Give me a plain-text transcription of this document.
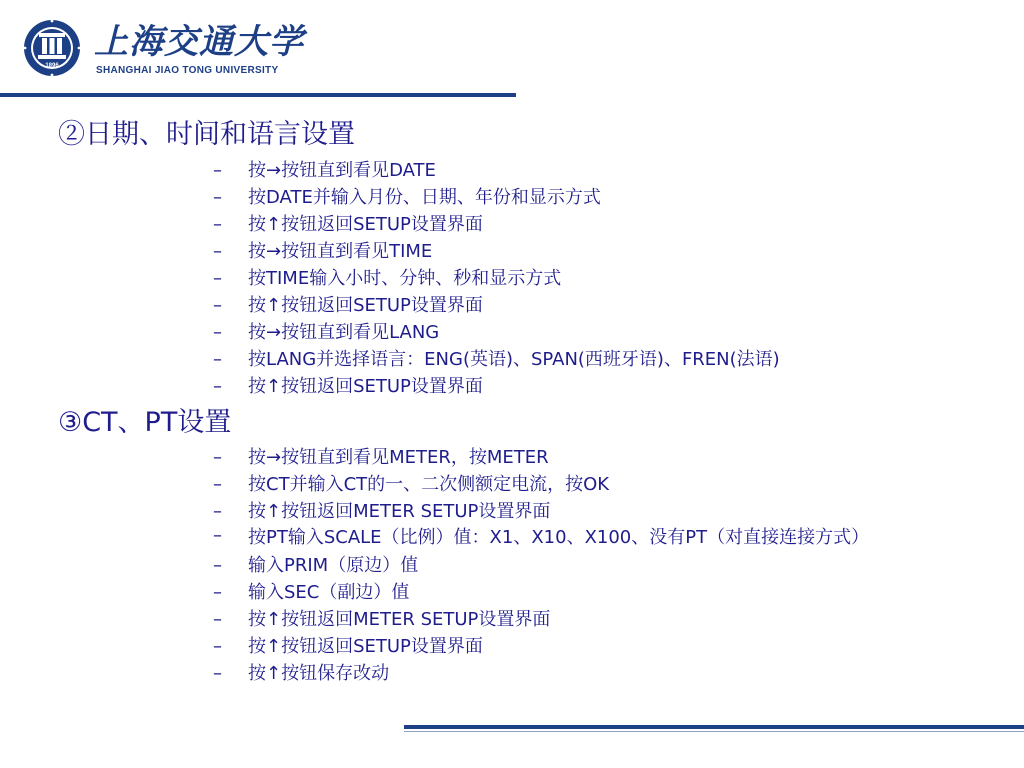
1896
上海交通大学
SHANGHAI JIAO TONG UNIVERSITY
②日期、时间和语言设置
– 按→按钮直到看见DATE
– 按DATE并输入月份、日期、年份和显示方式
– 按↑按钮返回SETUP设置界面
– 按→按钮直到看见TIME
– 按TIME输入小时、分钟、秒和显示方式
– 按↑按钮返回SETUP设置界面
– 按→按钮直到看见LANG
– 按LANG并选择语言：ENG(英语)、SPAN(西班牙语)、FREN(法语)
– 按↑按钮返回SETUP设置界面
③CT、PT设置
– 按→按钮直到看见METER，按METER
– 按CT并输入CT的一、二次侧额定电流，按OK
– 按↑按钮返回METER SETUP设置界面
– 按PT输入SCALE（比例）值：X1、X10、X100、没有PT（对直接连接方式）
– 输入PRIM（原边）值
– 输入SEC（副边）值
– 按↑按钮返回METER SETUP设置界面
– 按↑按钮返回SETUP设置界面
– 按↑按钮保存改动
